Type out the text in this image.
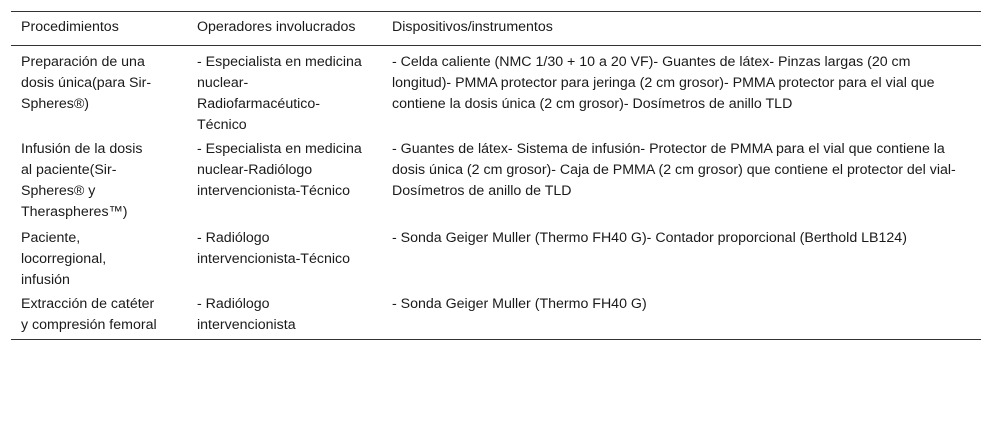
Procedimientos	Operadores involucrados	Dispositivos/instrumentos
Preparación de una dosis única(para Sir-Spheres®)	- Especialista en medicina nuclear-Radiofarmacéutico-Técnico	- Celda caliente (NMC 1/30 + 10 a 20 VF)- Guantes de látex- Pinzas largas (20 cm longitud)- PMMA protector para jeringa (2 cm grosor)- PMMA protector para el vial que contiene la dosis única (2 cm grosor)- Dosímetros de anillo TLD
Infusión de la dosis al paciente(Sir-Spheres® y Theraspheres™)	- Especialista en medicina nuclear-Radiólogo intervencionista-Técnico	- Guantes de látex- Sistema de infusión- Protector de PMMA para el vial que contiene la dosis única (2 cm grosor)- Caja de PMMA (2 cm grosor) que contiene el protector del vial- Dosímetros de anillo de TLD
Paciente, locorregional, infusión	- Radiólogo intervencionista-Técnico	- Sonda Geiger Muller (Thermo FH40 G)- Contador proporcional (Berthold LB124)
Extracción de catéter y compresión femoral	- Radiólogo intervencionista	- Sonda Geiger Muller (Thermo FH40 G)
